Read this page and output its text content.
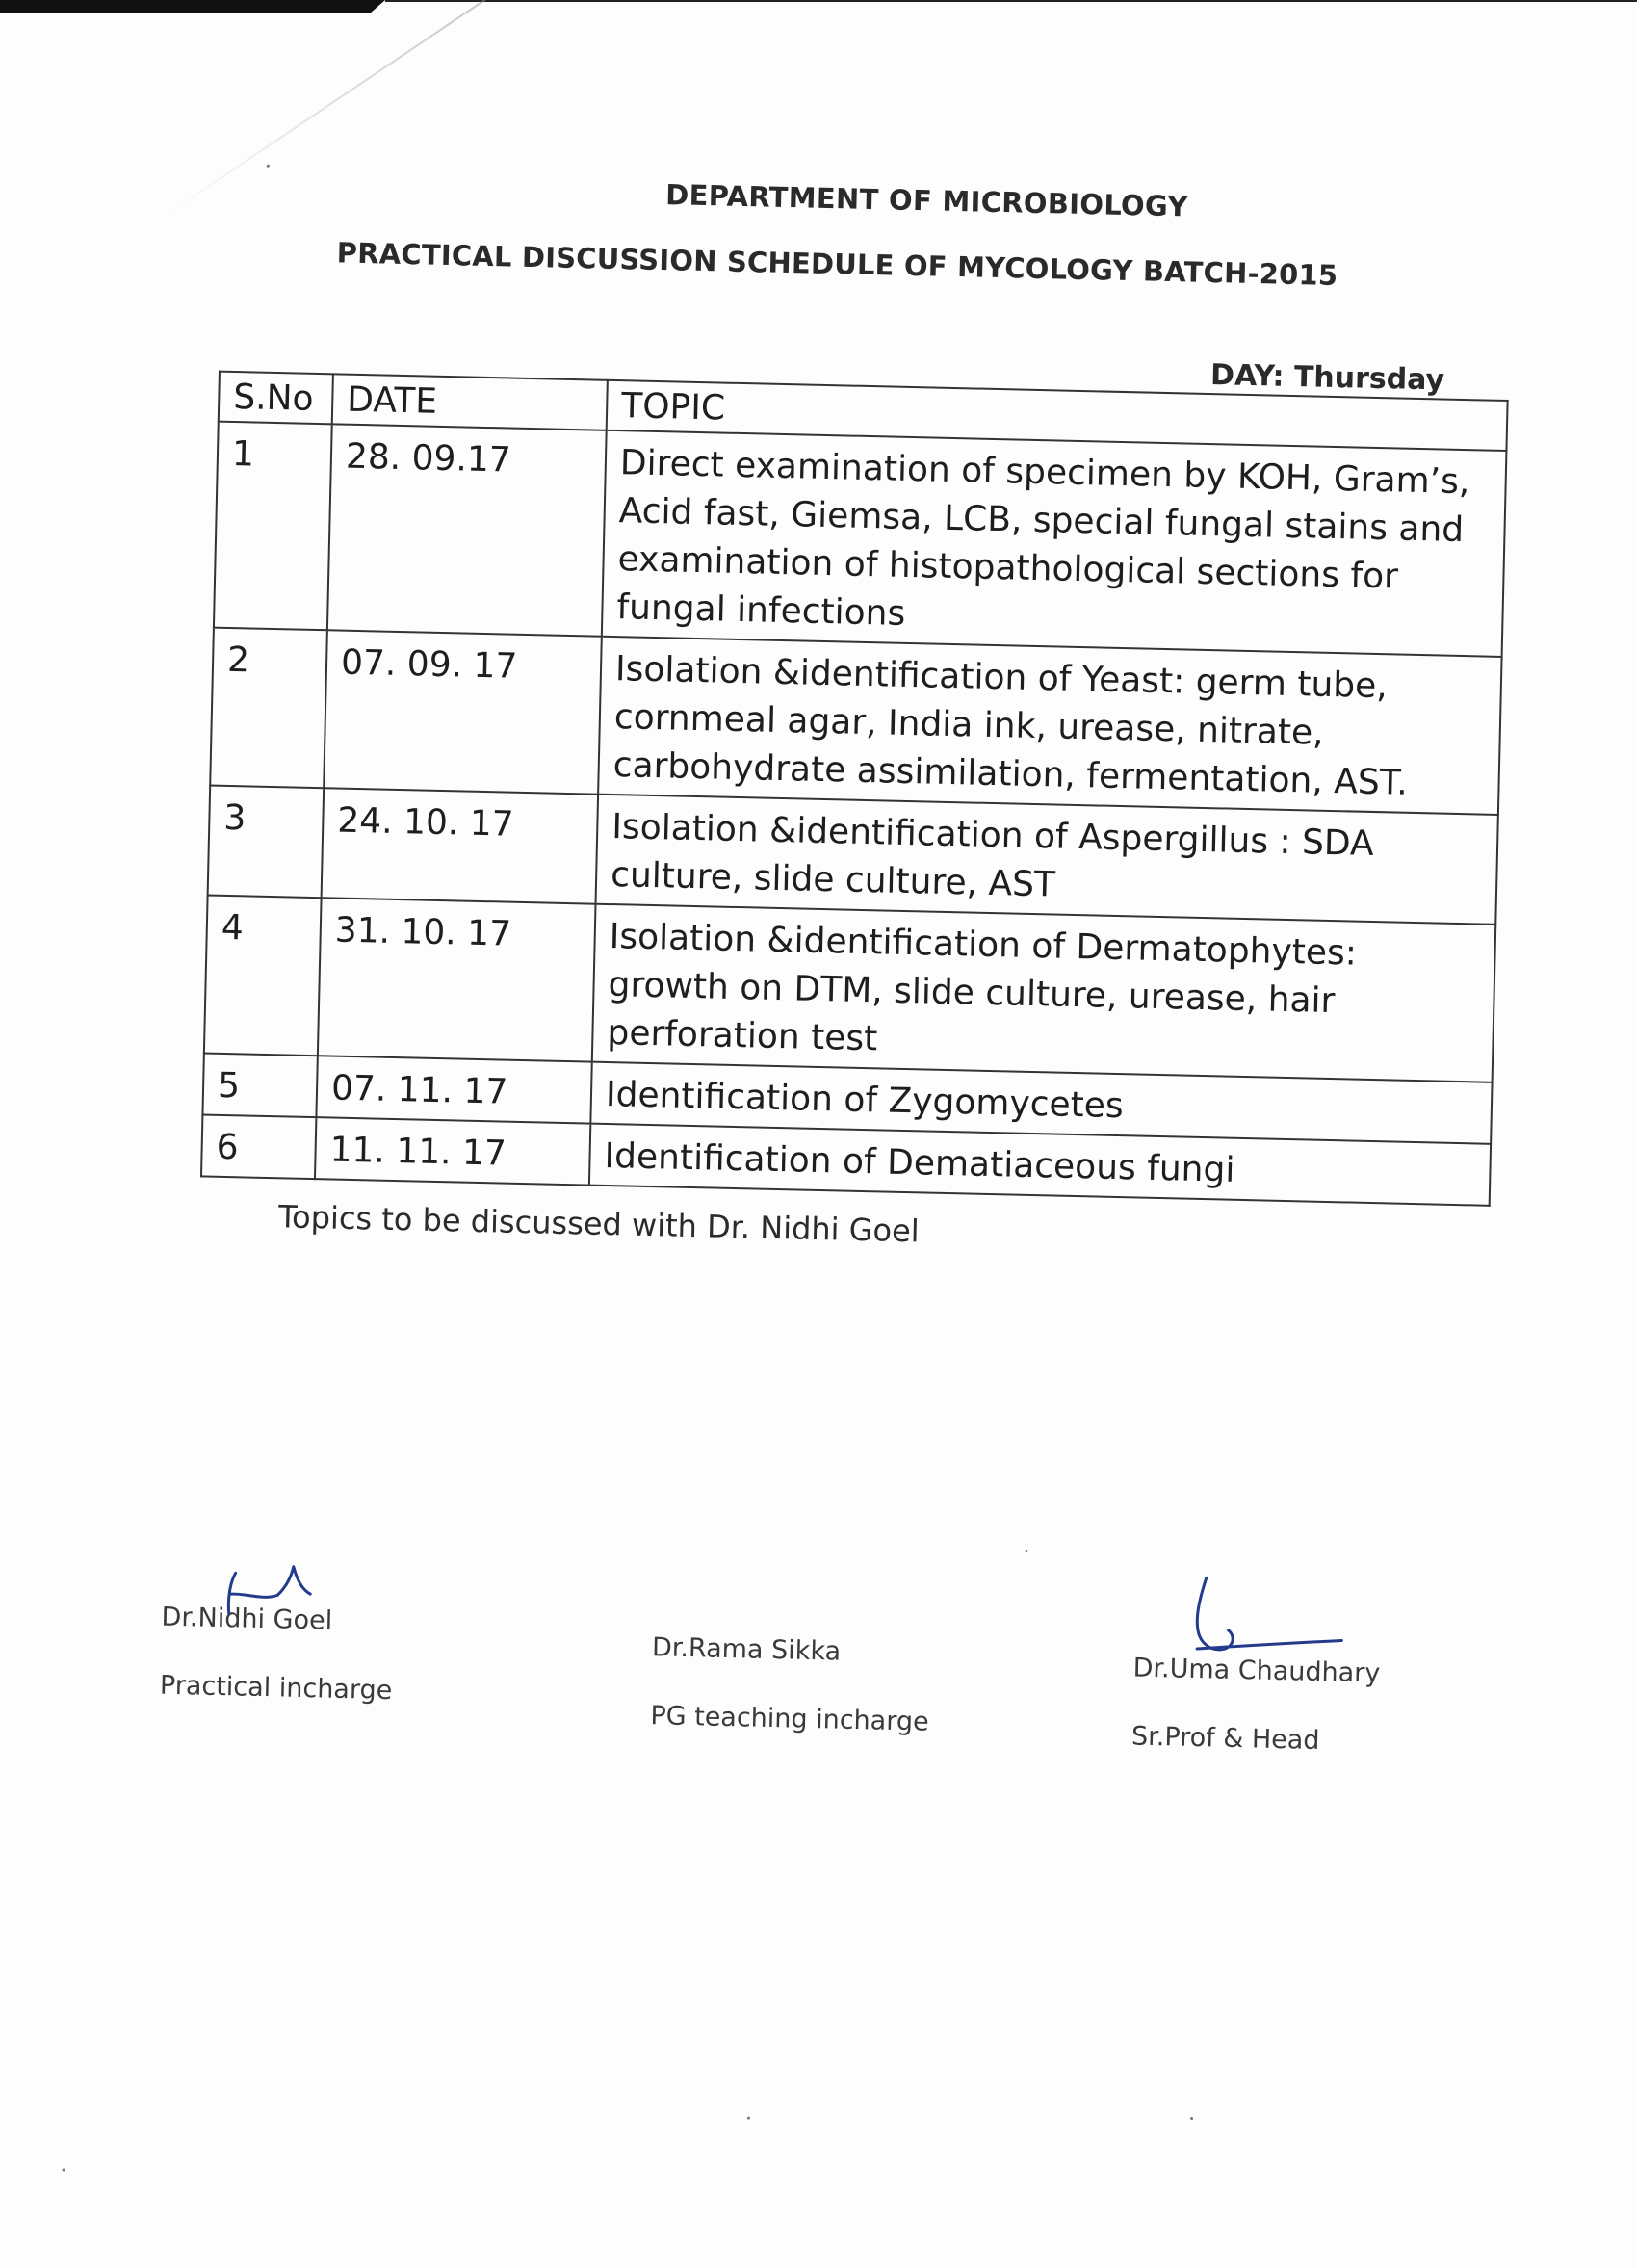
DEPARTMENT OF MICROBIOLOGY
PRACTICAL DISCUSSION SCHEDULE OF MYCOLOGY BATCH-2015
DAY: Thursday
S.No	DATE	TOPIC
1	28. 09.17	Direct examination of specimen by KOH, Gram’s, Acid fast, Giemsa, LCB, special fungal stains and examination of histopathological sections for fungal infections
2	07. 09. 17	Isolation &identification of Yeast: germ tube, cornmeal agar, India ink, urease, nitrate, carbohydrate assimilation, fermentation, AST.
3	24. 10. 17	Isolation &identification of Aspergillus : SDA culture, slide culture, AST
4	31. 10. 17	Isolation &identification of Dermatophytes: growth on DTM, slide culture, urease, hair perforation test
5	07. 11. 17	Identification of Zygomycetes
6	11. 11. 17	Identification of Dematiaceous fungi
Topics to be discussed with Dr. Nidhi Goel
Dr.Nidhi Goel
Practical incharge
Dr.Rama Sikka
PG teaching incharge
Dr.Uma Chaudhary
Sr.Prof & Head
